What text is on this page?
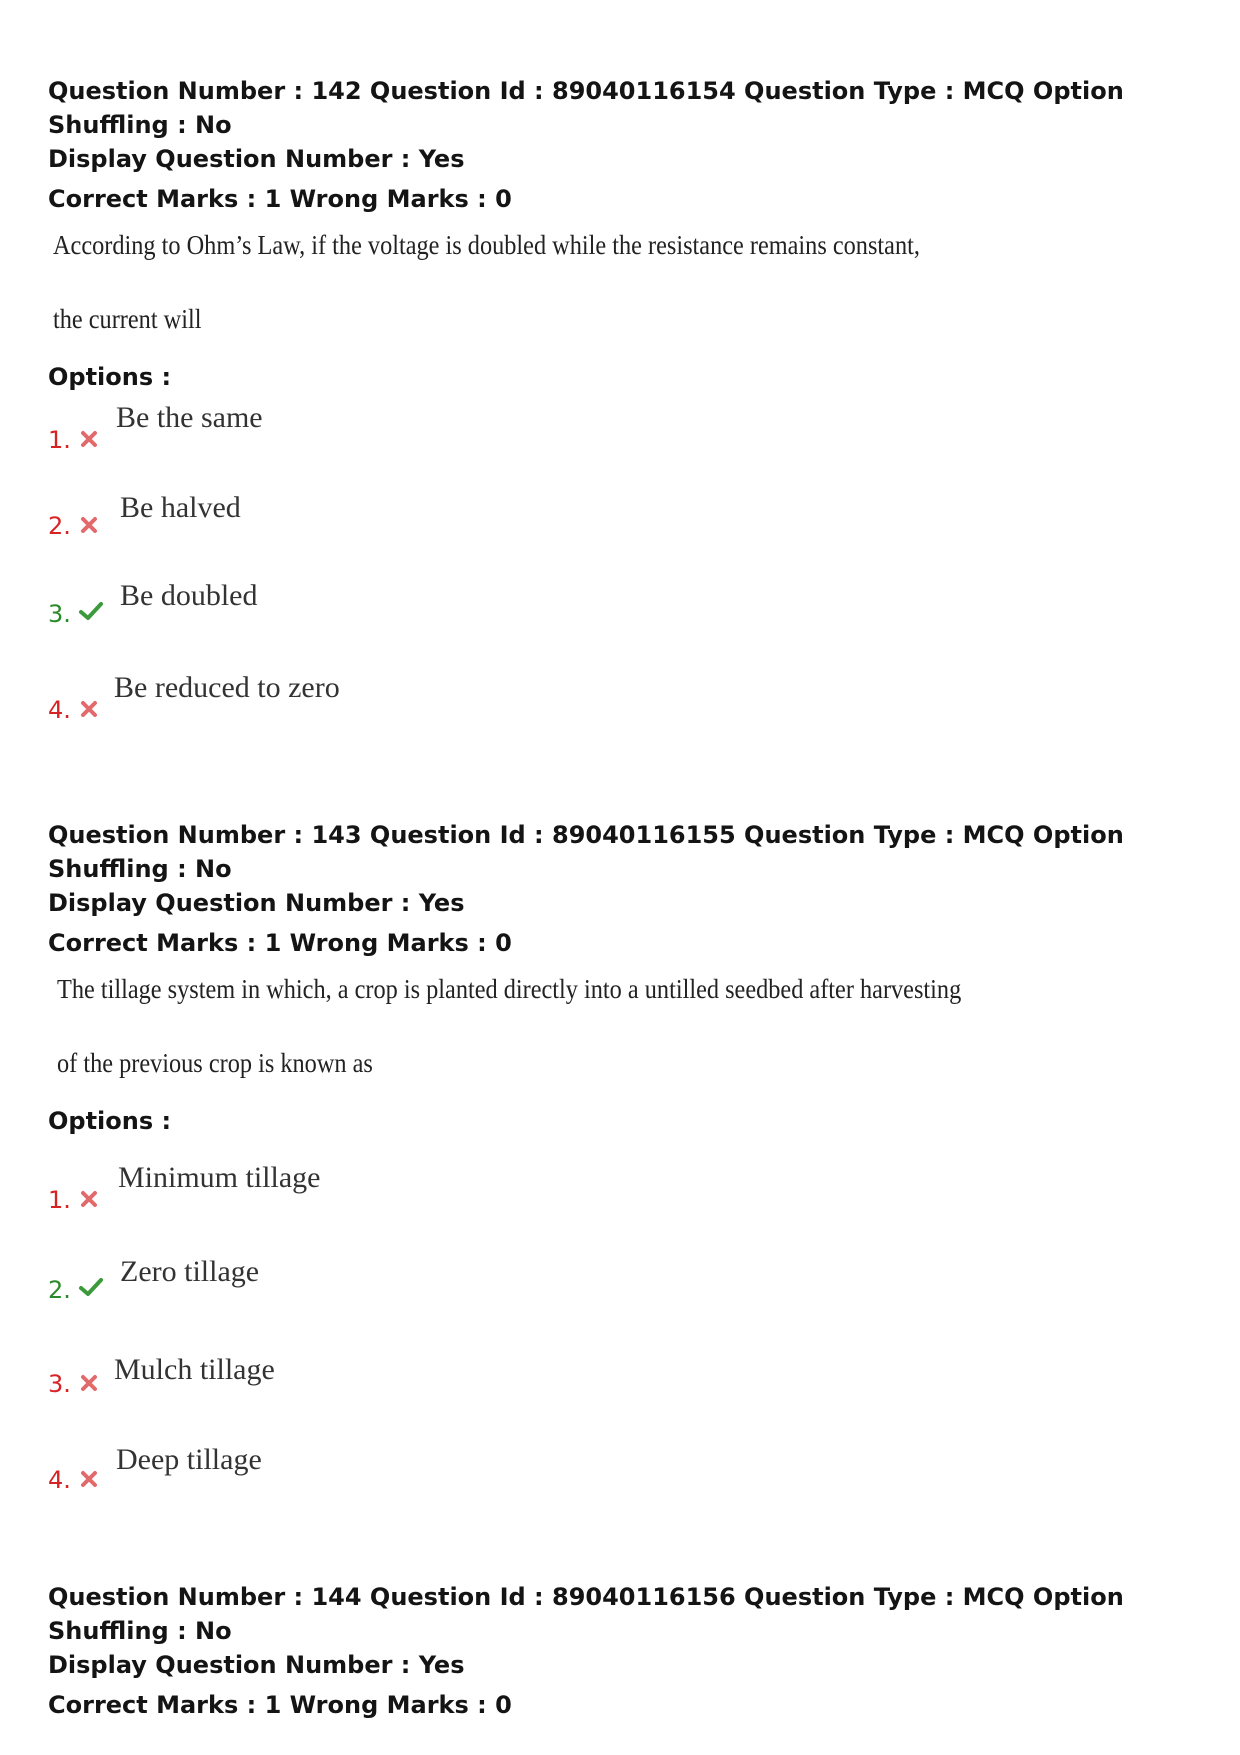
Question Number : 142 Question Id : 89040116154 Question Type : MCQ Option Shuffling : No
Display Question Number : Yes
Correct Marks : 1 Wrong Marks : 0
According to Ohm’s Law, if the voltage is doubled while the resistance remains constant,
the current will
Options :
1.
Be the same
2.
Be halved
3.
Be doubled
4.
Be reduced to zero
Question Number : 143 Question Id : 89040116155 Question Type : MCQ Option Shuffling : No
Display Question Number : Yes
Correct Marks : 1 Wrong Marks : 0
The tillage system in which, a crop is planted directly into a untilled seedbed after harvesting
of the previous crop is known as
Options :
1.
Minimum tillage
2.
Zero tillage
3. Mulch tillage
4.
Deep tillage
Question Number : 144 Question Id : 89040116156 Question Type : MCQ Option Shuffling : No
Display Question Number : Yes
Correct Marks : 1 Wrong Marks : 0
